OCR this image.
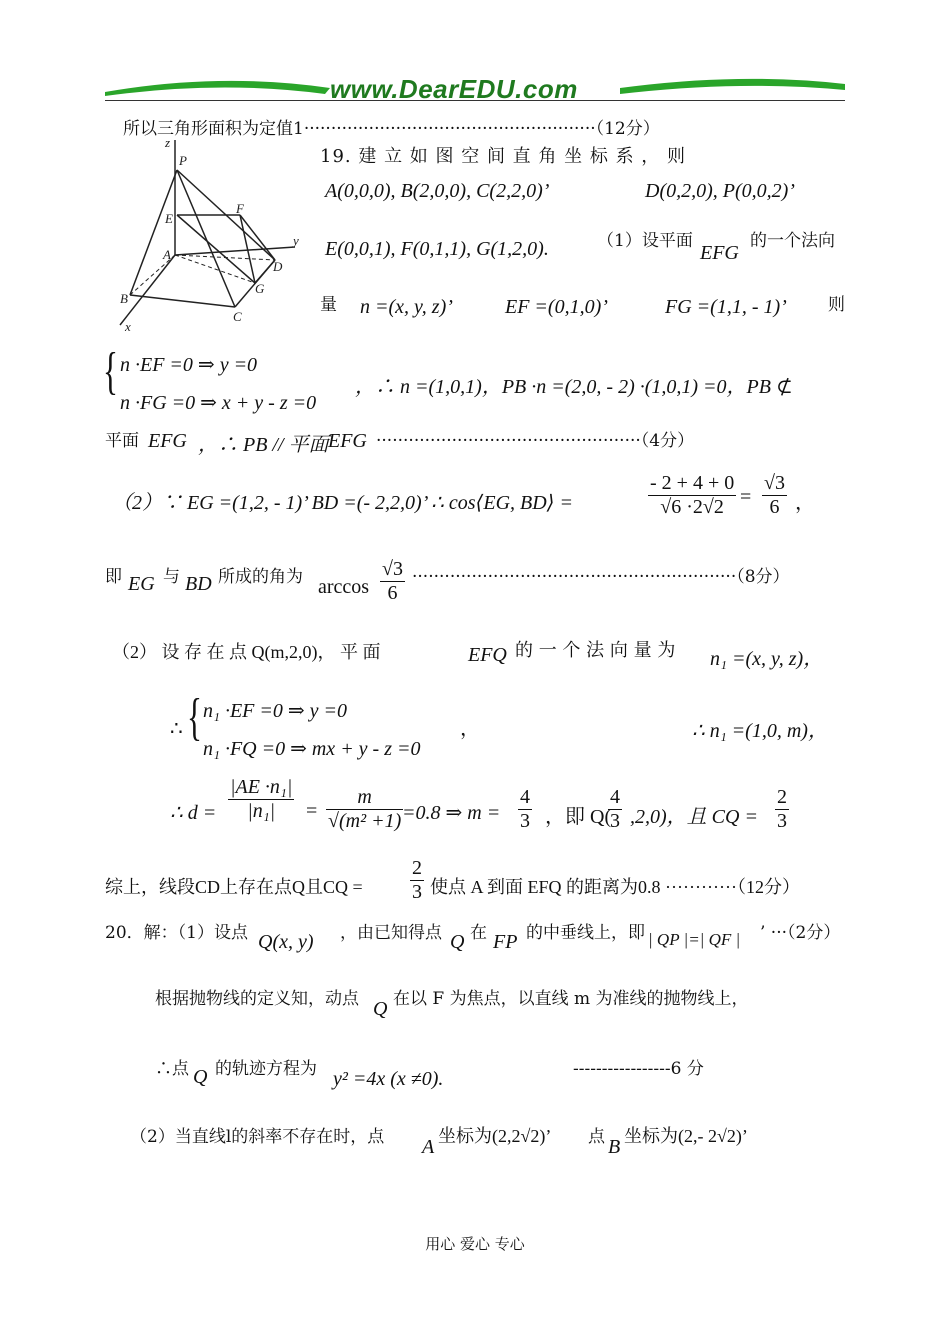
www.DearEDU.com
z
P
F
E
y
A
D
G
B
C
x
所以三角形面积为定值1······················································（12分）
19. 建 立 如 图 空 间 直 角 坐 标 系 ， 则
A(0,0,0), B(2,0,0), C(2,2,0)’	D(0,2,0), P(0,0,2)’
E(0,0,1), F(0,1,1), G(1,2,0).	（1）设平面
EFG
的一个法向
量 n =(x, y, z)’	EF =(0,1,0)’	FG =(1,1, - 1)’ 则
{ n ·EF =0 ⇒ y =0
n ·FG =0 ⇒ x + y - z =0
，∴ n =(1,0,1)，PB ·n =(2,0, - 2) ·(1,0,1) =0，PB ⊄
平面 EFG ，∴ PB // 平面 EFG ·················································（4分）
（2）∵ EG =(1,2, - 1)’ BD =(- 2,2,0)’ ∴ cos⟨EG, BD⟩ =	$\frac{- 2 + 4 + 0}{√6 \cdot 2√2} = \frac{√3}{6}$ ，
即 EG 与 BD 所成的角为 $\arccos \frac{√3}{6} \cdot\cdot\cdot\cdot\cdot\cdot\cdot\cdot\cdot\cdot\cdot\cdot\cdot\cdot\cdot\cdot\cdot\cdot\cdot\cdot\cdot\cdot\cdot\cdot\cdot\cdot\cdot\cdot\cdot\cdot\cdot\cdot\cdot\cdot\cdot\cdot\cdot\cdot\cdot\cdot\cdot\cdot\cdot\cdot\cdot\cdot\cdot\cdot\cdot\cdot\cdot\cdot\cdot\cdot\cdot\cdot\cdot\cdot\cdot\cdot(8$分）
（2） 设 存 在 点 Q(m,2,0)， 平 面	EFQ 的 一 个 法 向 量 为 n₁ =(x, y, z)，
∴ { n₁ ·EF =0 ⇒ y =0
n₁ ·FQ =0 ⇒ mx + y - z =0
，	∴ n₁ =(1,0, m)，
∴ $d = \frac{\text{|AE ·n₁|}}{\text{|n₁|}} = \frac{m}{\text{√(m² +1)}}$
=0.8 ⇒ $m = \frac{4}{3}$ ，即 Q(
$\frac{4}{3} ,2,0$)，且 CQ = $\frac{2}{3}$
综上，线段CD上存在点Q且CQ = $\frac{2}{3}$ 使点 A 到面 EFQ 的距离为0.8 ············（12分）
20．解：（1）设点 Q(x, y) ，由已知得点 Q 在 FP 的中垂线上，即 | QP |=| QF | ’ ···（2分）
根据抛物线的定义知，动点 Q 在以 F 为焦点，以直线 m 为准线的抛物线上，
∴点 Q 的轨迹方程为 y² =4x (x ≠0).	-----------------6 分
（2）当直线l的斜率不存在时，点 A 坐标为(2,2√2)’ 点 B 坐标为(2,- 2√2)’
用心 爱心 专心
